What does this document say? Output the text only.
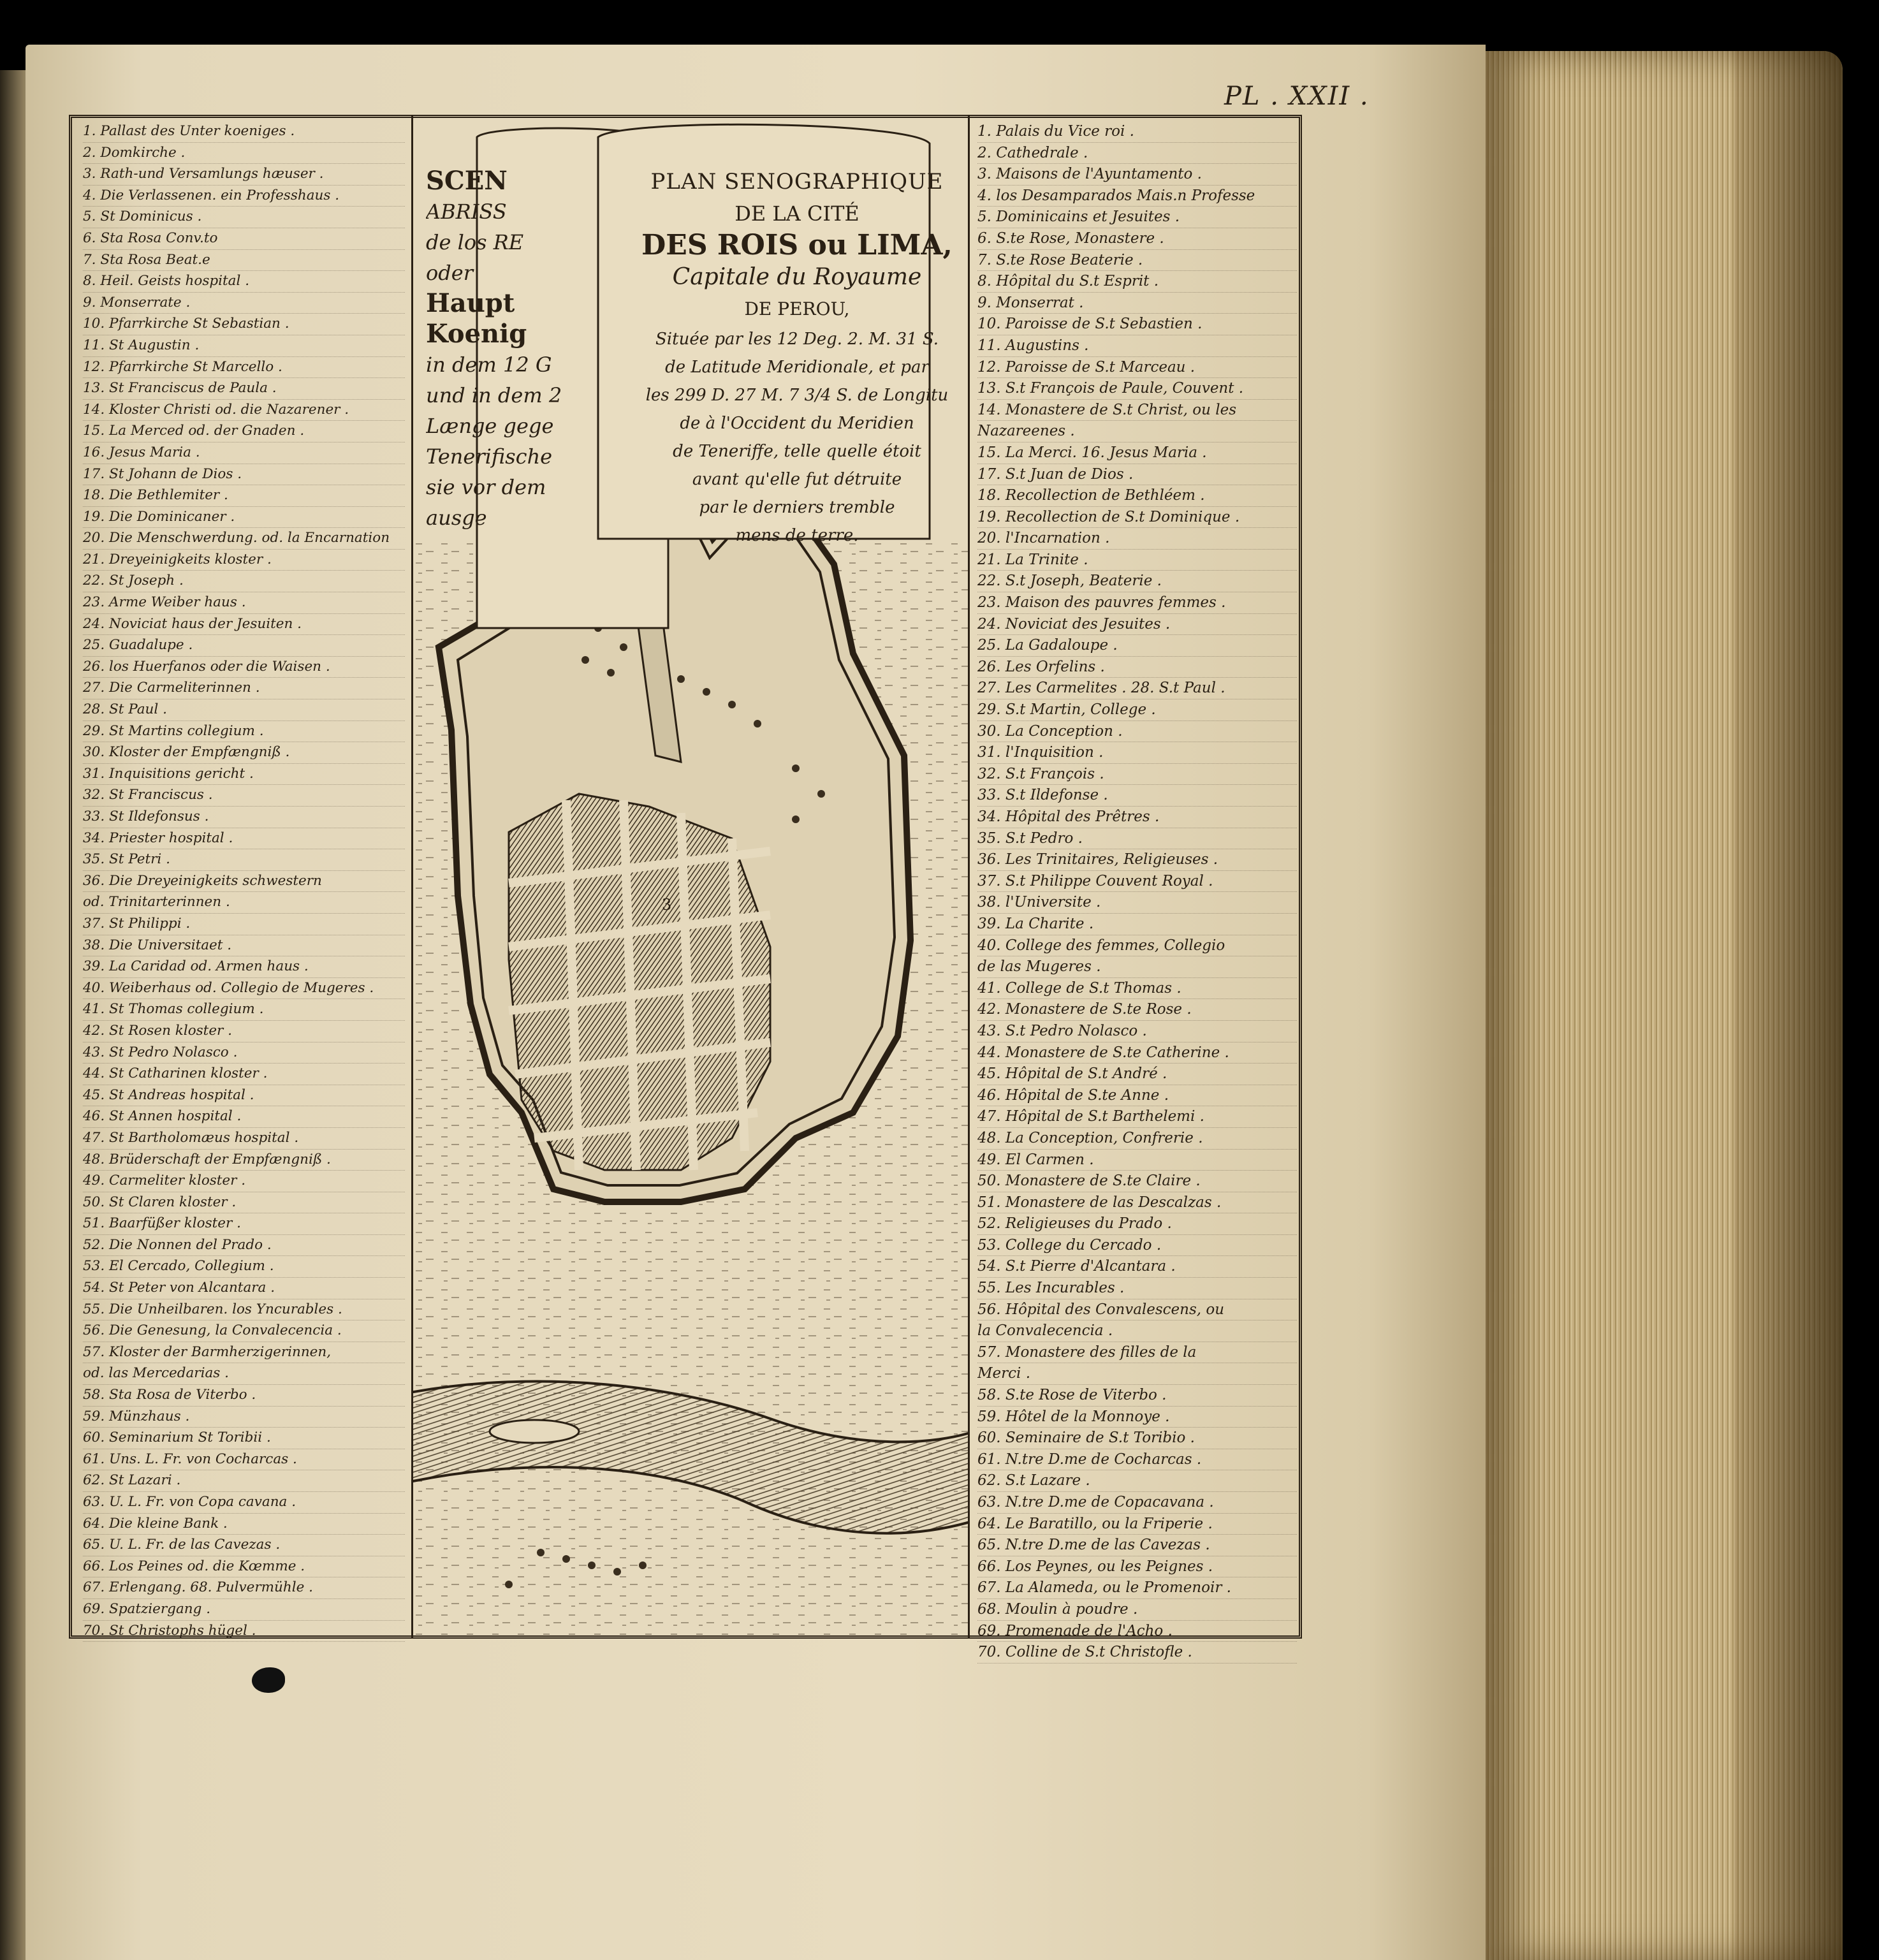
PL . XXII .
1. Pallast des Unter koeniges .
2. Domkirche .
3. Rath-und Versamlungs hæuser .
4. Die Verlassenen. ein Professhaus .
5. St Dominicus .
6. Sta Rosa Conv.to
7. Sta Rosa Beat.e
8. Heil. Geists hospital .
9. Monserrate .
10. Pfarrkirche St Sebastian .
11. St Augustin .
12. Pfarrkirche St Marcello .
13. St Franciscus de Paula .
14. Kloster Christi od. die Nazarener .
15. La Merced od. der Gnaden .
16. Jesus Maria .
17. St Johann de Dios .
18. Die Bethlemiter .
19. Die Dominicaner .
20. Die Menschwerdung. od. la Encarnation
21. Dreyeinigkeits kloster .
22. St Joseph .
23. Arme Weiber haus .
24. Noviciat haus der Jesuiten .
25. Guadalupe .
26. los Huerfanos oder die Waisen .
27. Die Carmeliterinnen .
28. St Paul .
29. St Martins collegium .
30. Kloster der Empfængniß .
31. Inquisitions gericht .
32. St Franciscus .
33. St Ildefonsus .
34. Priester hospital .
35. St Petri .
36. Die Dreyeinigkeits schwestern
od. Trinitarterinnen .
37. St Philippi .
38. Die Universitaet .
39. La Caridad od. Armen haus .
40. Weiberhaus od. Collegio de Mugeres .
41. St Thomas collegium .
42. St Rosen kloster .
43. St Pedro Nolasco .
44. St Catharinen kloster .
45. St Andreas hospital .
46. St Annen hospital .
47. St Bartholomæus hospital .
48. Brüderschaft der Empfængniß .
49. Carmeliter kloster .
50. St Claren kloster .
51. Baarfüßer kloster .
52. Die Nonnen del Prado .
53. El Cercado, Collegium .
54. St Peter von Alcantara .
55. Die Unheilbaren. los Yncurables .
56. Die Genesung, la Convalecencia .
57. Kloster der Barmherzigerinnen,
od. las Mercedarias .
58. Sta Rosa de Viterbo .
59. Münzhaus .
60. Seminarium St Toribii .
61. Uns. L. Fr. von Cocharcas .
62. St Lazari .
63. U. L. Fr. von Copa cavana .
64. Die kleine Bank .
65. U. L. Fr. de las Cavezas .
66. Los Peines od. die Kœmme .
67. Erlengang. 68. Pulvermühle .
69. Spatziergang .
70. St Christophs hügel .
3
SCEN
ABRISS
de los RE
oder
Haupt
Koenig
in dem 12 G
und in dem 2
Længe gege
Tenerifische
sie vor dem
ausge
PLAN SENOGRAPHIQUE
DE LA CITÉ
DES ROIS ou LIMA,
Capitale du Royaume
DE PEROU,
Située par les 12 Deg. 2. M. 31 S.
de Latitude Meridionale, et par
les 299 D. 27 M. 7 3/4 S. de Longitu
de à l'Occident du Meridien
de Teneriffe, telle quelle étoit
avant qu'elle fut détruite
par le derniers tremble
mens de terre.
1. Palais du Vice roi .
2. Cathedrale .
3. Maisons de l'Ayuntamento .
4. los Desamparados Mais.n Professe
5. Dominicains et Jesuites .
6. S.te Rose, Monastere .
7. S.te Rose Beaterie .
8. Hôpital du S.t Esprit .
9. Monserrat .
10. Paroisse de S.t Sebastien .
11. Augustins .
12. Paroisse de S.t Marceau .
13. S.t François de Paule, Couvent .
14. Monastere de S.t Christ, ou les
Nazareenes .
15. La Merci. 16. Jesus Maria .
17. S.t Juan de Dios .
18. Recollection de Bethléem .
19. Recollection de S.t Dominique .
20. l'Incarnation .
21. La Trinite .
22. S.t Joseph, Beaterie .
23. Maison des pauvres femmes .
24. Noviciat des Jesuites .
25. La Gadaloupe .
26. Les Orfelins .
27. Les Carmelites . 28. S.t Paul .
29. S.t Martin, College .
30. La Conception .
31. l'Inquisition .
32. S.t François .
33. S.t Ildefonse .
34. Hôpital des Prêtres .
35. S.t Pedro .
36. Les Trinitaires, Religieuses .
37. S.t Philippe Couvent Royal .
38. l'Universite .
39. La Charite .
40. College des femmes, Collegio
de las Mugeres .
41. College de S.t Thomas .
42. Monastere de S.te Rose .
43. S.t Pedro Nolasco .
44. Monastere de S.te Catherine .
45. Hôpital de S.t André .
46. Hôpital de S.te Anne .
47. Hôpital de S.t Barthelemi .
48. La Conception, Confrerie .
49. El Carmen .
50. Monastere de S.te Claire .
51. Monastere de las Descalzas .
52. Religieuses du Prado .
53. College du Cercado .
54. S.t Pierre d'Alcantara .
55. Les Incurables .
56. Hôpital des Convalescens, ou
la Convalecencia .
57. Monastere des filles de la
Merci .
58. S.te Rose de Viterbo .
59. Hôtel de la Monnoye .
60. Seminaire de S.t Toribio .
61. N.tre D.me de Cocharcas .
62. S.t Lazare .
63. N.tre D.me de Copacavana .
64. Le Baratillo, ou la Friperie .
65. N.tre D.me de las Cavezas .
66. Los Peynes, ou les Peignes .
67. La Alameda, ou le Promenoir .
68. Moulin à poudre .
69. Promenade de l'Acho .
70. Colline de S.t Christofle .
